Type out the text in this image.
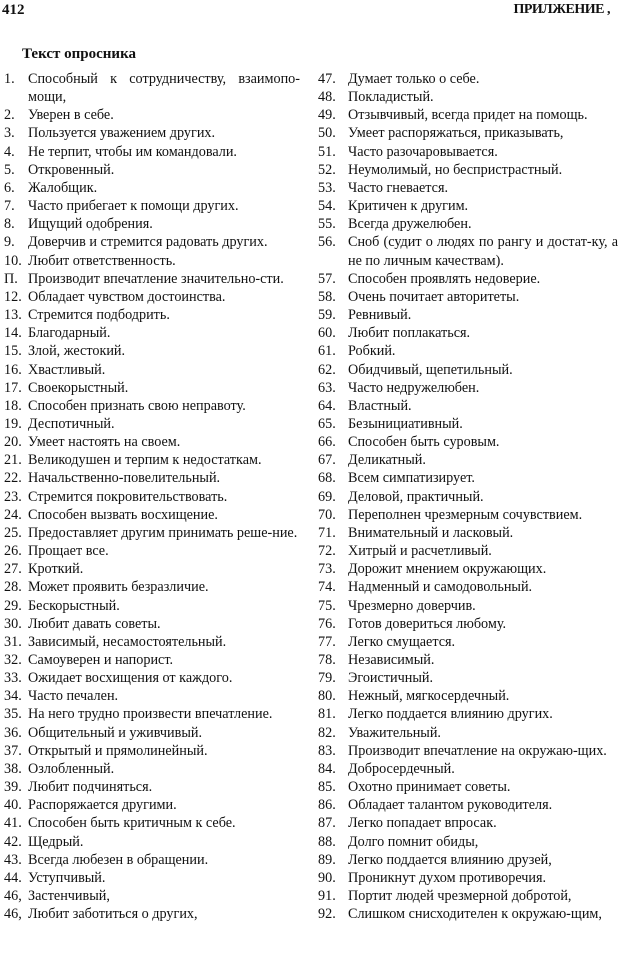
412	ПРИЛЖЕНИЕ ,
Текст опросника
1. Способный к сотрудничеству, взаимопо-мощи,
2. Уверен в себе.
3. Пользуется уважением других.
4. Не терпит, чтобы им командовали.
5. Откровенный.
6. Жалобщик.
7. Часто прибегает к помощи других.
8. Ищущий одобрения.
9. Доверчив и стремится радовать других.
10. Любит ответственность.
П. Производит впечатление значительно-сти.
12. Обладает чувством достоинства.
13. Стремится подбодрить.
14. Благодарный.
15. Злой, жестокий.
16. Хвастливый.
17. Своекорыстный.
18. Способен признать свою неправоту.
19. Деспотичный.
20. Умеет настоять на своем.
21. Великодушен и терпим к недостаткам.
22. Начальственно-повелительный.
23. Стремится покровительствовать.
24. Способен вызвать восхищение.
25. Предоставляет другим принимать реше-ние.
26. Прощает все.
27. Кроткий.
28. Может проявить безразличие.
29. Бескорыстный.
30. Любит давать советы.
31. Зависимый, несамостоятельный.
32. Самоуверен и напорист.
33. Ожидает восхищения от каждого.
34. Часто печален.
35. На него трудно произвести впечатление.
36. Общительный и уживчивый.
37. Открытый и прямолинейный.
38. Озлобленный.
39. Любит подчиняться.
40. Распоряжается другими.
41. Способен быть критичным к себе.
42. Щедрый.
43. Всегда любезен в обращении.
44. Уступчивый.
46, Застенчивый,
46, Любит заботиться о других,
47. Думает только о себе.
48. Покладистый.
49. Отзывчивый, всегда придет на помощь.
50. Умеет распоряжаться, приказывать,
51. Часто разочаровывается.
52. Неумолимый, но беспристрастный.
53. Часто гневается.
54. Критичен к другим.
55. Всегда дружелюбен.
56. Сноб (судит о людях по рангу и достат-ку, а не по личным качествам).
57. Способен проявлять недоверие.
58. Очень почитает авторитеты.
59. Ревнивый.
60. Любит поплакаться.
61. Робкий.
62. Обидчивый, щепетильный.
63. Часто недружелюбен.
64. Властный.
65. Безынициативный.
66. Способен быть суровым.
67. Деликатный.
68. Всем симпатизирует.
69. Деловой, практичный.
70. Переполнен чрезмерным сочувствием.
71. Внимательный и ласковый.
72. Хитрый и расчетливый.
73. Дорожит мнением окружающих.
74. Надменный и самодовольный.
75. Чрезмерно доверчив.
76. Готов довериться любому.
77. Легко смущается.
78. Независимый.
79. Эгоистичный.
80. Нежный, мягкосердечный.
81. Легко поддается влиянию других.
82. Уважительный.
83. Производит впечатление на окружаю-щих.
84. Добросердечный.
85. Охотно принимает советы.
86. Обладает талантом руководителя.
87. Легко попадает впросак.
88. Долго помнит обиды,
89. Легко поддается влиянию друзей,
90. Проникнут духом противоречия.
91. Портит людей чрезмерной добротой,
92. Слишком снисходителен к окружаю-щим,
